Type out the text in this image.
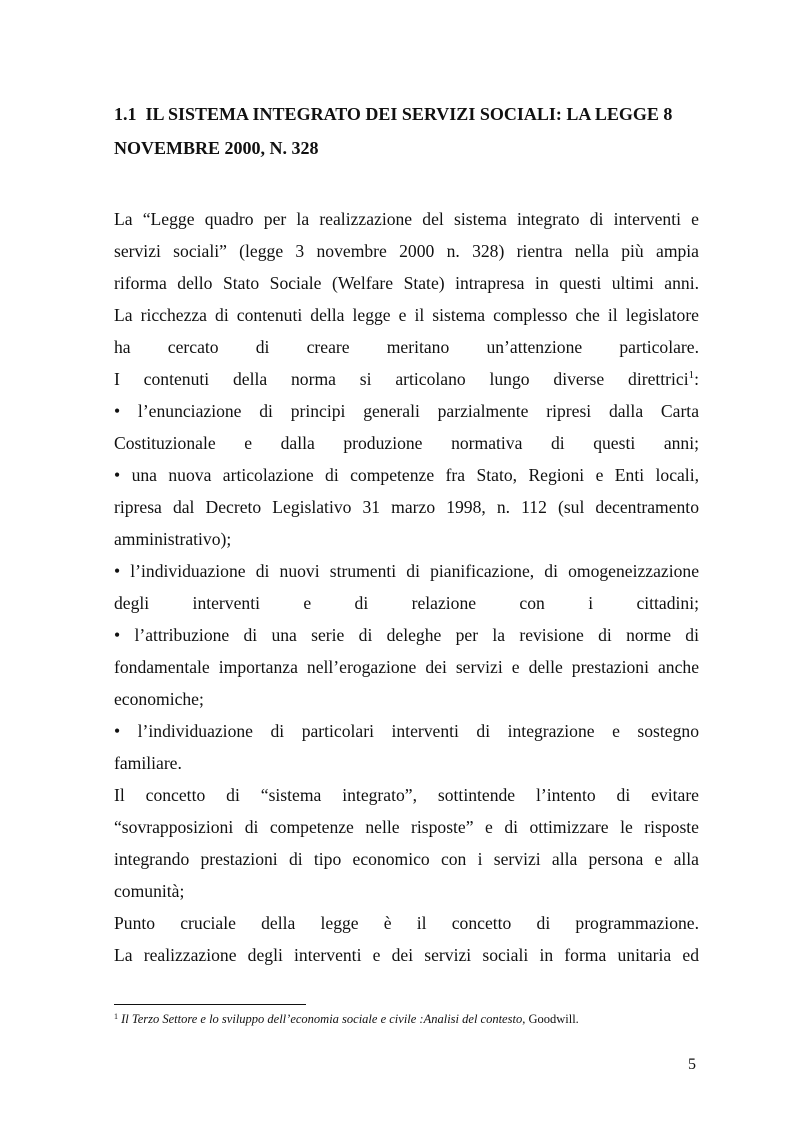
1.1 IL SISTEMA INTEGRATO DEI SERVIZI SOCIALI: LA LEGGE 8
NOVEMBRE 2000, N. 328
La “Legge quadro per la realizzazione del sistema integrato di interventi e
servizi sociali” (legge 3 novembre 2000 n. 328) rientra nella più ampia
riforma dello Stato Sociale (Welfare State) intrapresa in questi ultimi anni.
La ricchezza di contenuti della legge e il sistema complesso che il legislatore
ha cercato di creare meritano un’attenzione particolare.
I contenuti della norma si articolano lungo diverse direttrici$^1$:
• l’enunciazione di principi generali parzialmente ripresi dalla Carta
Costituzionale e dalla produzione normativa di questi anni;
• una nuova articolazione di competenze fra Stato, Regioni e Enti locali,
ripresa dal Decreto Legislativo 31 marzo 1998, n. 112 (sul decentramento
amministrativo);
• l’individuazione di nuovi strumenti di pianificazione, di omogeneizzazione
degli interventi e di relazione con i cittadini;
• l’attribuzione di una serie di deleghe per la revisione di norme di
fondamentale importanza nell’erogazione dei servizi e delle prestazioni anche
economiche;
• l’individuazione di particolari interventi di integrazione e sostegno
familiare.
Il concetto di “sistema integrato”, sottintende l’intento di evitare
“sovrapposizioni di competenze nelle risposte” e di ottimizzare le risposte
integrando prestazioni di tipo economico con i servizi alla persona e alla
comunità;
Punto cruciale della legge è il concetto di programmazione.
La realizzazione degli interventi e dei servizi sociali in forma unitaria ed
$^1$ Il Terzo Settore e lo sviluppo dell’economia sociale e civile :Analisi del contesto, Goodwill.
5
